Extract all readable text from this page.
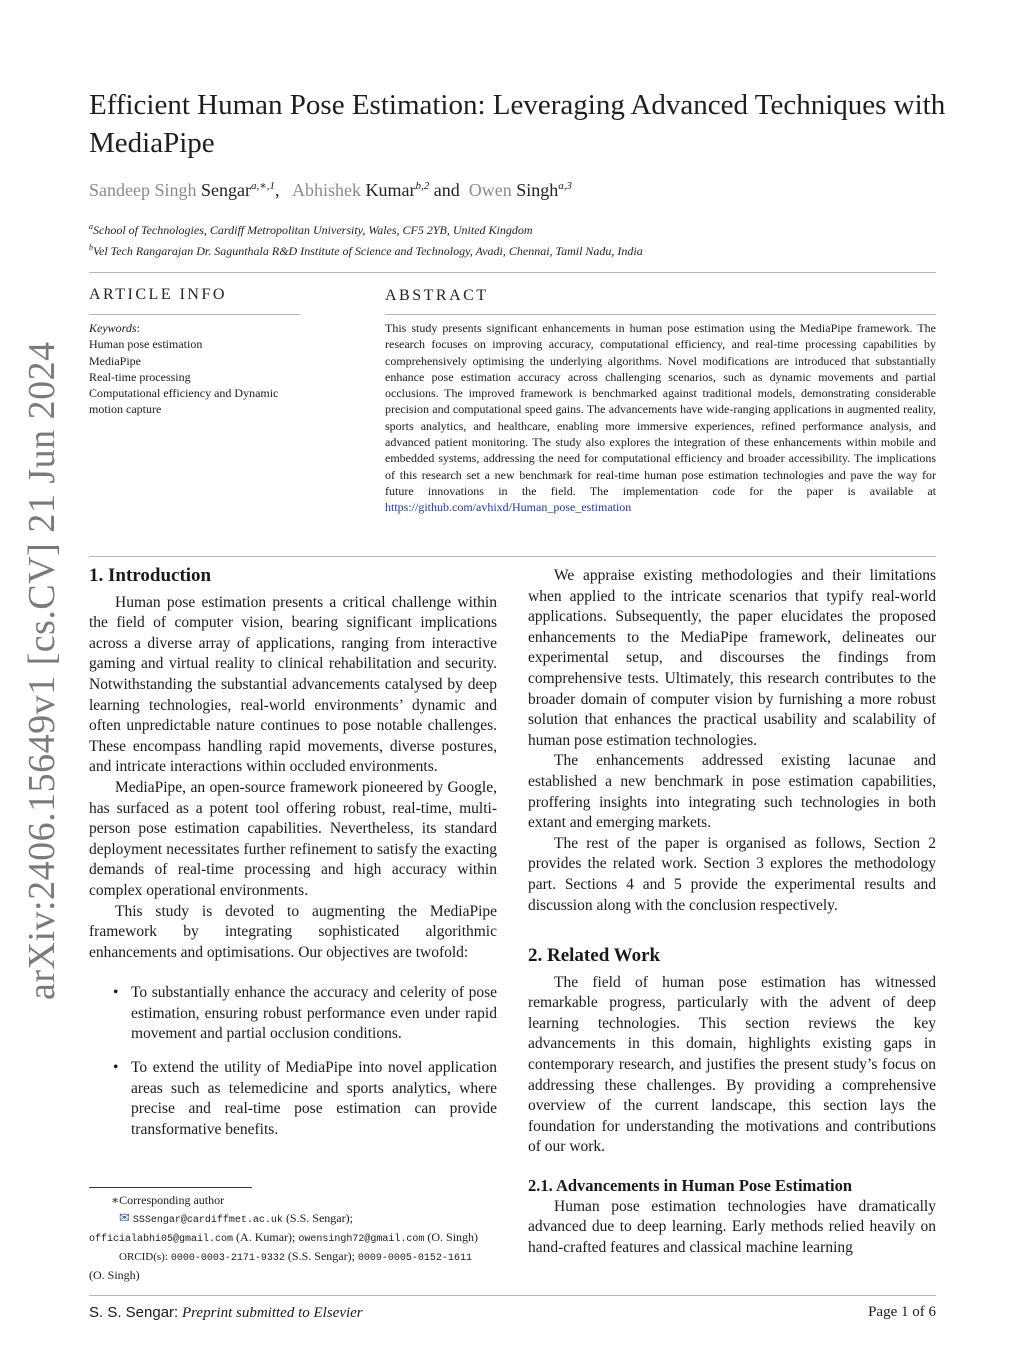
arXiv:2406.15649v1 [cs.CV] 21 Jun 2024
Efficient Human Pose Estimation: Leveraging Advanced Techniques with MediaPipe
Sandeep Singh Sengar$^{a,∗,1}$,   Abhishek Kumar$^{b,2}$ and  Owen Singh$^{a,3}$
$^a$School of Technologies, Cardiff Metropolitan University, Wales, CF5 2YB, United Kingdom
$^b$Vel Tech Rangarajan Dr. Sagunthala R&D Institute of Science and Technology, Avadi, Chennai, Tamil Nadu, India
ARTICLE INFO
Keywords:
Human pose estimation
MediaPipe
Real-time processing
Computational efficiency and Dynamic motion capture
ABSTRACT
This study presents significant enhancements in human pose estimation using the MediaPipe framework. The research focuses on improving accuracy, computational efficiency, and real-time processing capabilities by comprehensively optimising the underlying algorithms. Novel modifications are introduced that substantially enhance pose estimation accuracy across challenging scenarios, such as dynamic movements and partial occlusions. The improved framework is benchmarked against traditional models, demonstrating considerable precision and computational speed gains. The advancements have wide-ranging applications in augmented reality, sports analytics, and healthcare, enabling more immersive experiences, refined performance analysis, and advanced patient monitoring. The study also explores the integration of these enhancements within mobile and embedded systems, addressing the need for computational efficiency and broader accessibility. The implications of this research set a new benchmark for real-time human pose estimation technologies and pave the way for future innovations in the field. The implementation code for the paper is available at https://github.com/avhixd/Human_pose_estimation
1. Introduction

Human pose estimation presents a critical challenge within the field of computer vision, bearing significant implications across a diverse array of applications, ranging from interactive gaming and virtual reality to clinical rehabilitation and security. Notwithstanding the substantial advancements catalysed by deep learning technologies, real-world environments’ dynamic and often unpredictable nature continues to pose notable challenges. These encompass handling rapid movements, diverse postures, and intricate interactions within occluded environments.

MediaPipe, an open-source framework pioneered by Google, has surfaced as a potent tool offering robust, real-time, multi-person pose estimation capabilities. Nevertheless, its standard deployment necessitates further refinement to satisfy the exacting demands of real-time processing and high accuracy within complex operational environments.

This study is devoted to augmenting the MediaPipe framework by integrating sophisticated algorithmic enhancements and optimisations. Our objectives are twofold:

• To substantially enhance the accuracy and celerity of pose estimation, ensuring robust performance even under rapid movement and partial occlusion conditions.
• To extend the utility of MediaPipe into novel application areas such as telemedicine and sports analytics, where precise and real-time pose estimation can provide transformative benefits.
∗Corresponding author
✉ SSSengar@cardiffmet.ac.uk (S.S. Sengar);
officialabhi05@gmail.com (A. Kumar); owensingh72@gmail.com (O. Singh)
ORCID(s): 0000-0003-2171-9332 (S.S. Sengar); 0009-0005-0152-1611
(O. Singh)

We appraise existing methodologies and their limitations when applied to the intricate scenarios that typify real-world applications. Subsequently, the paper elucidates the proposed enhancements to the MediaPipe framework, delineates our experimental setup, and discourses the findings from comprehensive tests. Ultimately, this research contributes to the broader domain of computer vision by furnishing a more robust solution that enhances the practical usability and scalability of human pose estimation technologies.

The enhancements addressed existing lacunae and established a new benchmark in pose estimation capabilities, proffering insights into integrating such technologies in both extant and emerging markets.

The rest of the paper is organised as follows, Section 2 provides the related work. Section 3 explores the methodology part. Sections 4 and 5 provide the experimental results and discussion along with the conclusion respectively.

2. Related Work

The field of human pose estimation has witnessed remarkable progress, particularly with the advent of deep learning technologies. This section reviews the key advancements in this domain, highlights existing gaps in contemporary research, and justifies the present study’s focus on addressing these challenges. By providing a comprehensive overview of the current landscape, this section lays the foundation for understanding the motivations and contributions of our work.

2.1. Advancements in Human Pose Estimation

Human pose estimation technologies have dramatically advanced due to deep learning. Early methods relied heavily on hand-crafted features and classical machine learning

S. S. Sengar: Preprint submitted to Elsevier	Page 1 of 6
